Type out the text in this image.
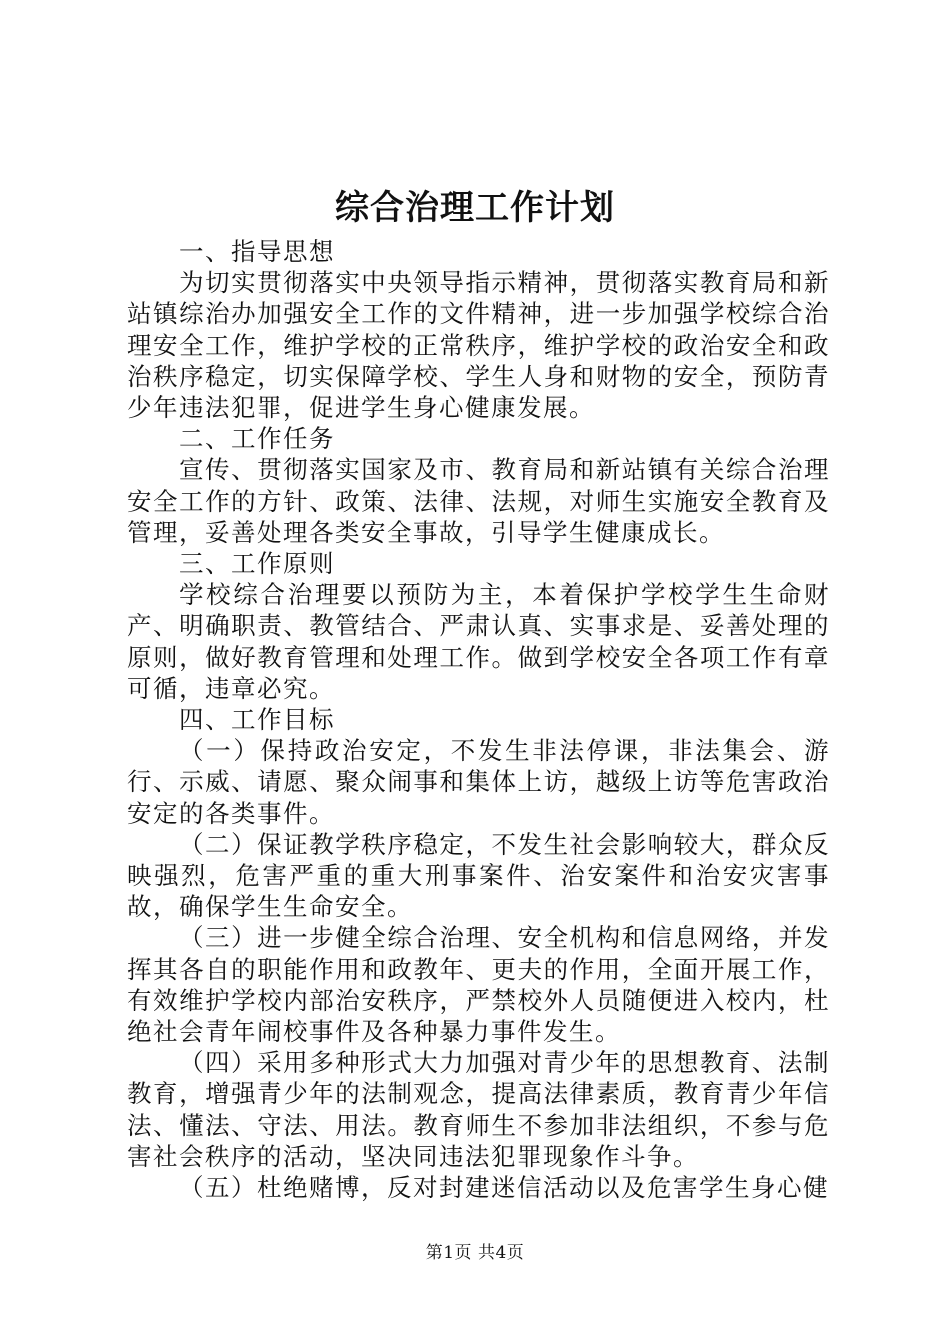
综合治理工作计划

一、指导思想

为切实贯彻落实中央领导指示精神，贯彻落实教育局和新站镇综治办加强安全工作的文件精神，进一步加强学校综合治理安全工作，维护学校的正常秩序，维护学校的政治安全和政治秩序稳定，切实保障学校、学生人身和财物的安全，预防青少年违法犯罪，促进学生身心健康发展。

二、工作任务

宣传、贯彻落实国家及市、教育局和新站镇有关综合治理安全工作的方针、政策、法律、法规，对师生实施安全教育及管理，妥善处理各类安全事故，引导学生健康成长。

三、工作原则

学校综合治理要以预防为主，本着保护学校学生生命财产、明确职责、教管结合、严肃认真、实事求是、妥善处理的原则，做好教育管理和处理工作。做到学校安全各项工作有章可循，违章必究。

四、工作目标

（一）保持政治安定，不发生非法停课，非法集会、游行、示威、请愿、聚众闹事和集体上访，越级上访等危害政治安定的各类事件。

（二）保证教学秩序稳定，不发生社会影响较大，群众反映强烈，危害严重的重大刑事案件、治安案件和治安灾害事故，确保学生生命安全。

（三）进一步健全综合治理、安全机构和信息网络，并发挥其各自的职能作用和政教年、更夫的作用，全面开展工作，有效维护学校内部治安秩序，严禁校外人员随便进入校内，杜绝社会青年闹校事件及各种暴力事件发生。

（四）采用多种形式大力加强对青少年的思想教育、法制教育，增强青少年的法制观念，提高法律素质，教育青少年信法、懂法、守法、用法。教育师生不参加非法组织，不参与危害社会秩序的活动，坚决同违法犯罪现象作斗争。

（五）杜绝赌博，反对封建迷信活动以及危害学生身心健

第1页 共4页
